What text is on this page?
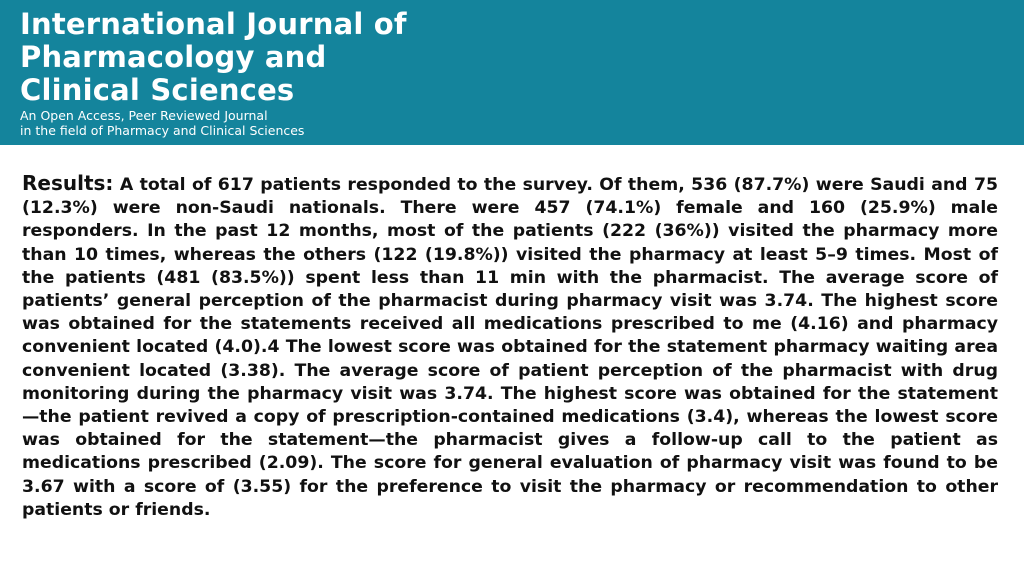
International Journal of
Pharmacology and
Clinical Sciences
An Open Access, Peer Reviewed Journal
in the field of Pharmacy and Clinical Sciences

Results: A total of 617 patients responded to the survey. Of them, 536 (87.7%) were Saudi and 75 (12.3%) were non-Saudi nationals. There were 457 (74.1%) female and 160 (25.9%) male responders. In the past 12 months, most of the patients (222 (36%)) visited the pharmacy more than 10 times, whereas the others (122 (19.8%)) visited the pharmacy at least 5–9 times. Most of the patients (481 (83.5%)) spent less than 11 min with the pharmacist. The average score of patients’ general perception of the pharmacist during pharmacy visit was 3.74. The highest score was obtained for the statements received all medications prescribed to me (4.16) and pharmacy convenient located (4.0).4 The lowest score was obtained for the statement pharmacy waiting area convenient located (3.38). The average score of patient perception of the pharmacist with drug monitoring during the pharmacy visit was 3.74. The highest score was obtained for the statement—the patient revived a copy of prescription-contained medications (3.4), whereas the lowest score was obtained for the statement—the pharmacist gives a follow-up call to the patient as medications prescribed (2.09). The score for general evaluation of pharmacy visit was found to be 3.67 with a score of (3.55) for the preference to visit the pharmacy or recommendation to other patients or friends.
